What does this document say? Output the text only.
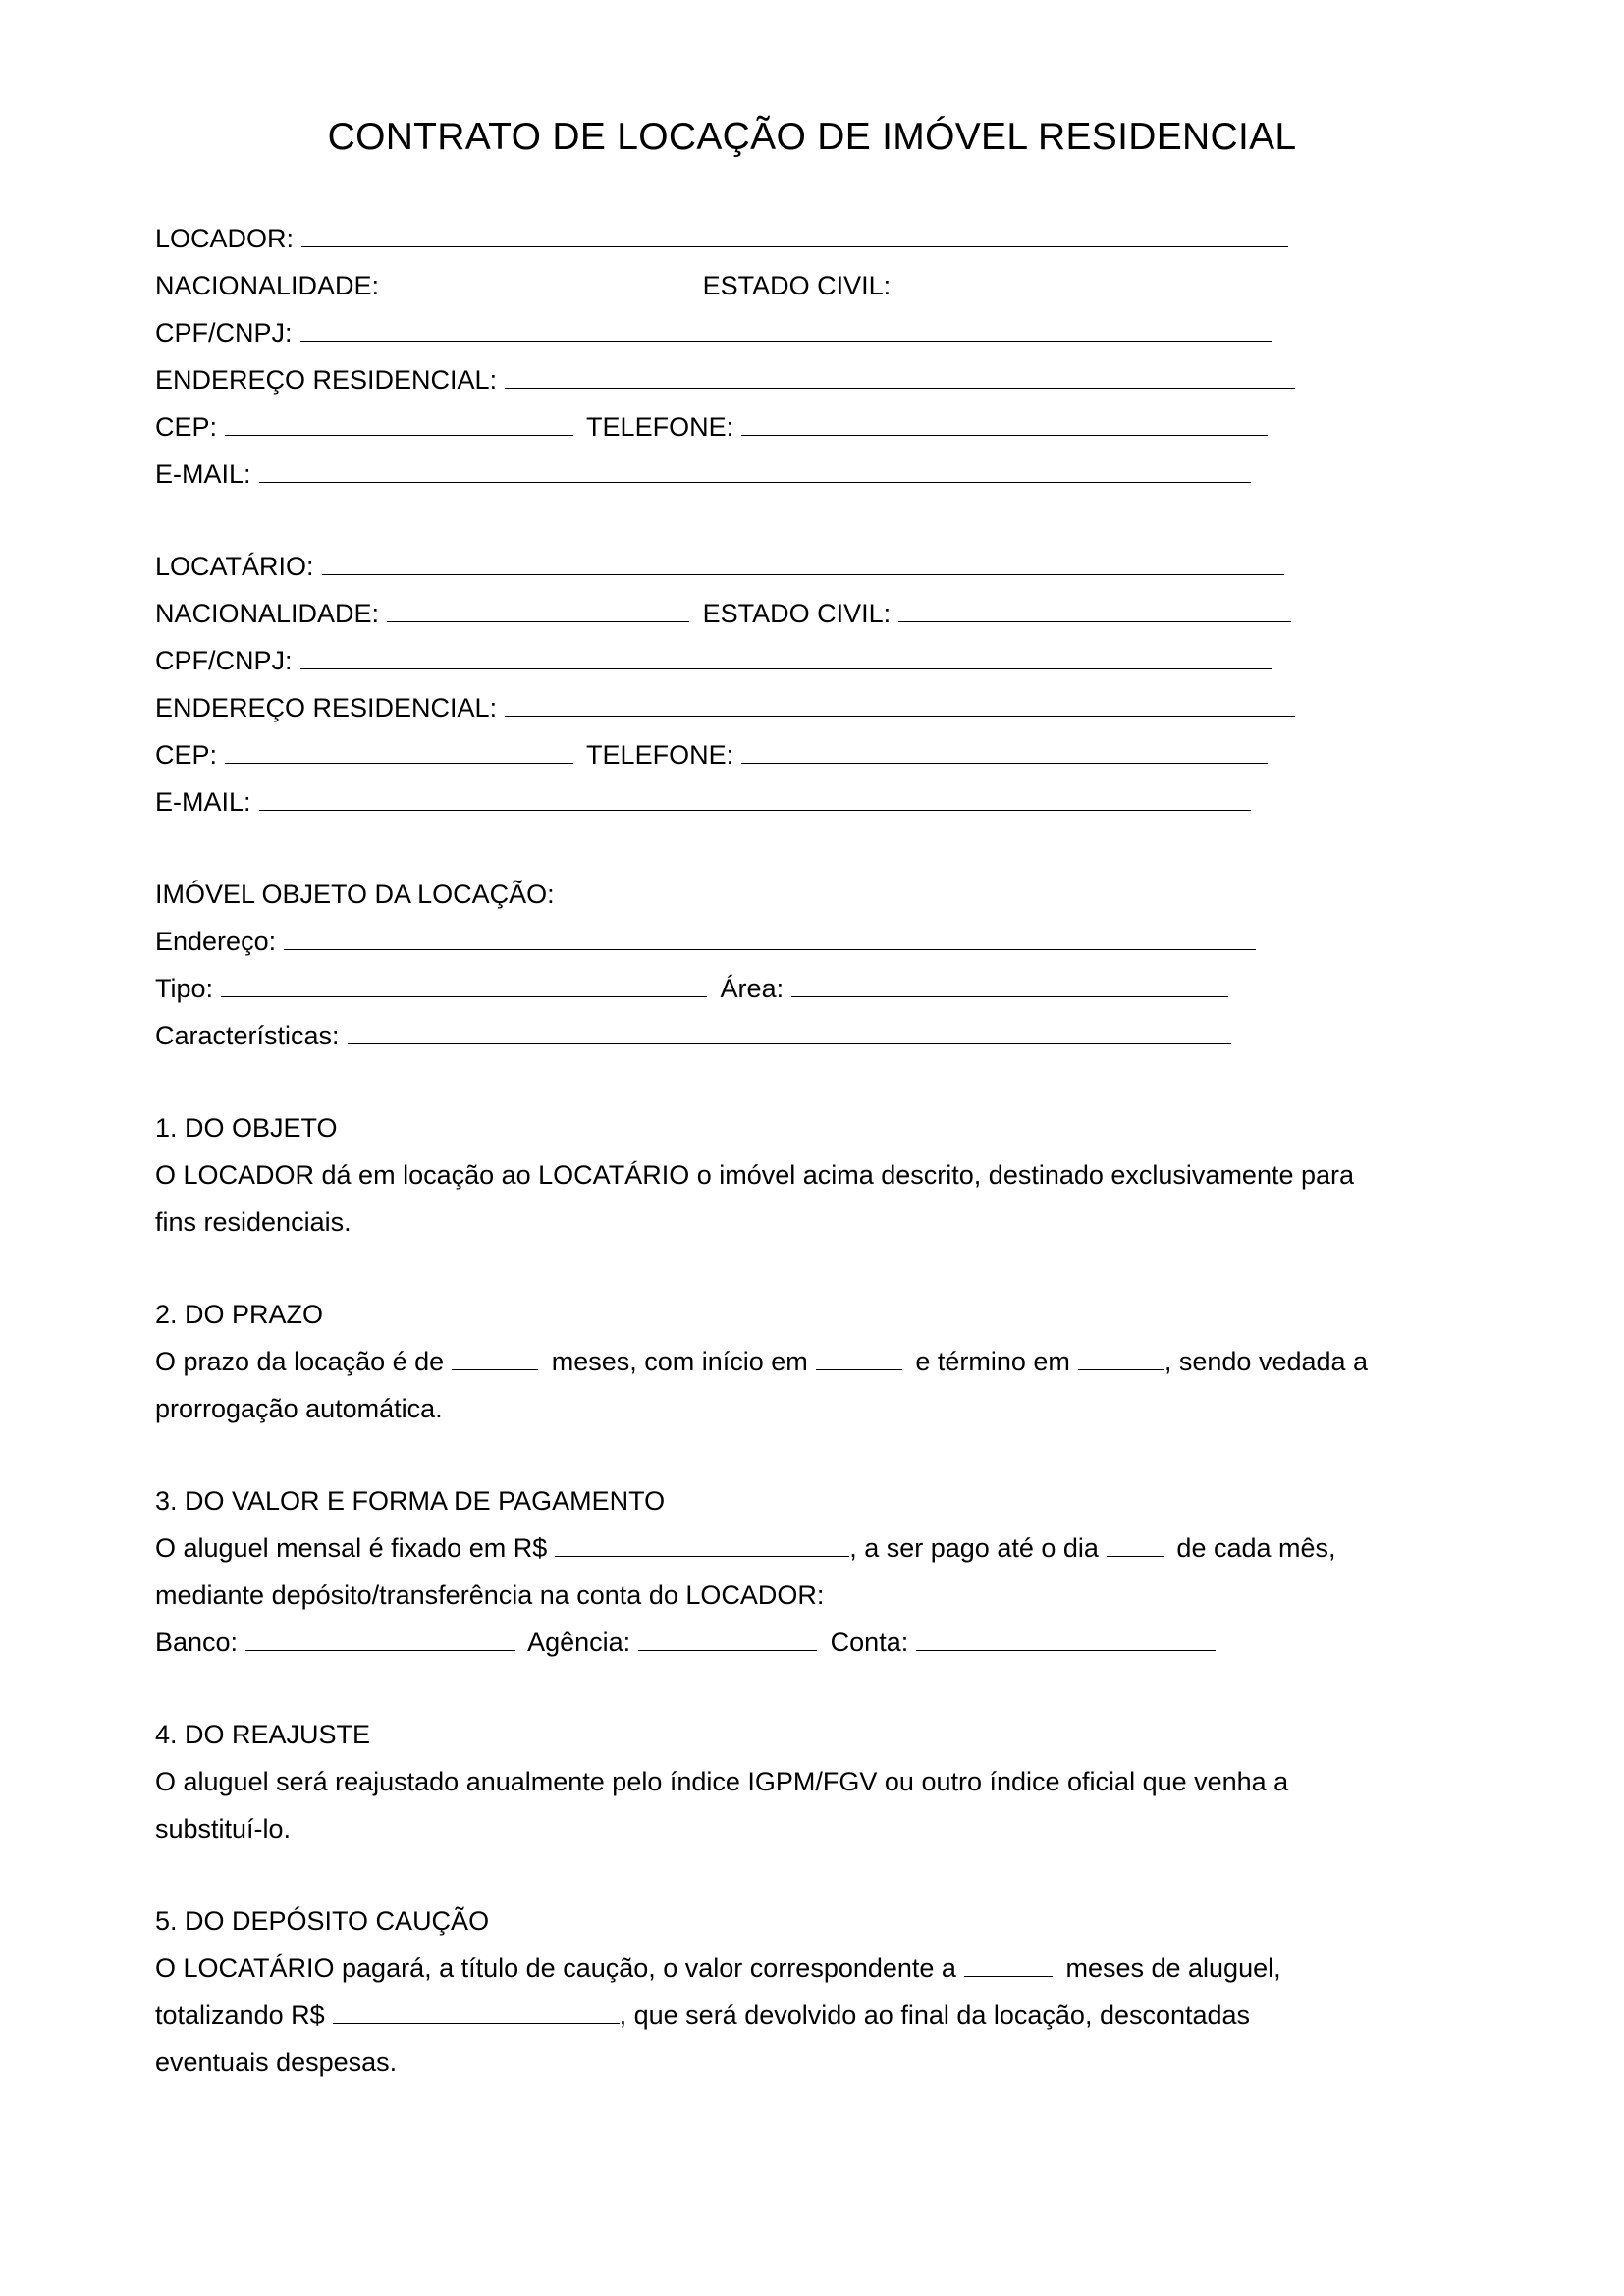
CONTRATO DE LOCAÇÃO DE IMÓVEL RESIDENCIAL
LOCADOR:
NACIONALIDADE:	ESTADO CIVIL:
CPF/CNPJ:
ENDEREÇO RESIDENCIAL:
CEP:	TELEFONE:
E-MAIL:
LOCATÁRIO:
NACIONALIDADE:	ESTADO CIVIL:
CPF/CNPJ:
ENDEREÇO RESIDENCIAL:
CEP:	TELEFONE:
E-MAIL:
IMÓVEL OBJETO DA LOCAÇÃO:
Endereço:
Tipo:	Área:
Características:
1. DO OBJETO
O LOCADOR dá em locação ao LOCATÁRIO o imóvel acima descrito, destinado exclusivamente para
fins residenciais.
2. DO PRAZO
O prazo da locação é de	meses, com início em	e término em	, sendo vedada a
prorrogação automática.
3. DO VALOR E FORMA DE PAGAMENTO
O aluguel mensal é fixado em R$	, a ser pago até o dia	de cada mês,
mediante depósito/transferência na conta do LOCADOR:
Banco:	Agência:	Conta:
4. DO REAJUSTE
O aluguel será reajustado anualmente pelo índice IGPM/FGV ou outro índice oficial que venha a
substituí-lo.
5. DO DEPÓSITO CAUÇÃO
O LOCATÁRIO pagará, a título de caução, o valor correspondente a	meses de aluguel,
totalizando R$	, que será devolvido ao final da locação, descontadas
eventuais despesas.
